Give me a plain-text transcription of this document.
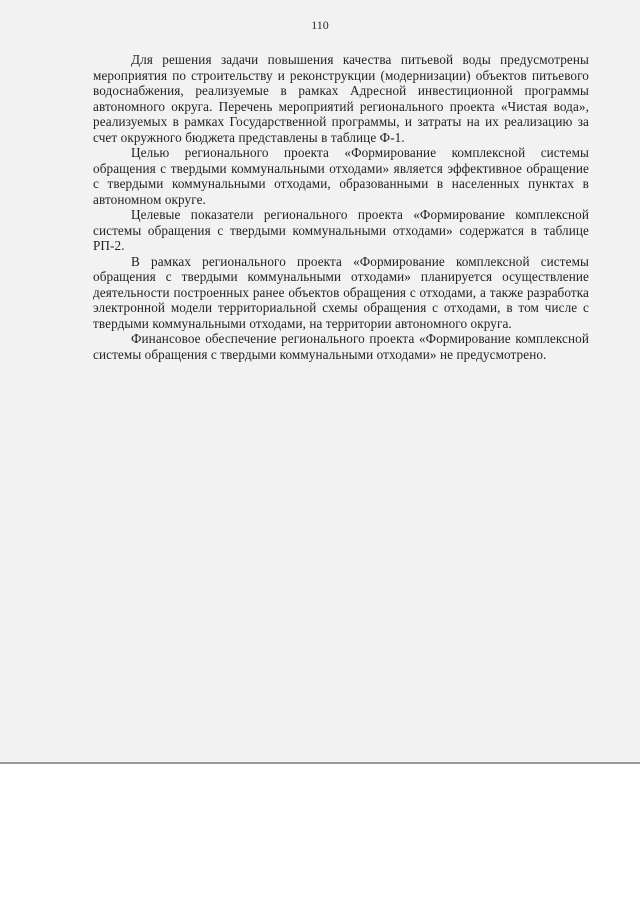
110

Для решения задачи повышения качества питьевой воды предусмотрены мероприятия по строительству и реконструкции (модернизации) объектов питьевого водоснабжения, реализуемые в рамках Адресной инвестиционной программы автономного округа. Перечень мероприятий регионального проекта «Чистая вода», реализуемых в рамках Государственной программы, и затраты на их реализацию за счет окружного бюджета представлены в таблице Ф-1.

Целью регионального проекта «Формирование комплексной системы обращения с твердыми коммунальными отходами» является эффективное обращение с твердыми коммунальными отходами, образованными в населенных пунктах в автономном округе.

Целевые показатели регионального проекта «Формирование комплексной системы обращения с твердыми коммунальными отходами» содержатся в таблице РП-2.

В рамках регионального проекта «Формирование комплексной системы обращения с твердыми коммунальными отходами» планируется осуществление деятельности построенных ранее объектов обращения с отходами, а также разработка электронной модели территориальной схемы обращения с отходами, в том числе с твердыми коммунальными отходами, на территории автономного округа.

Финансовое обеспечение регионального проекта «Формирование комплексной системы обращения с твердыми коммунальными отходами» не предусмотрено.
